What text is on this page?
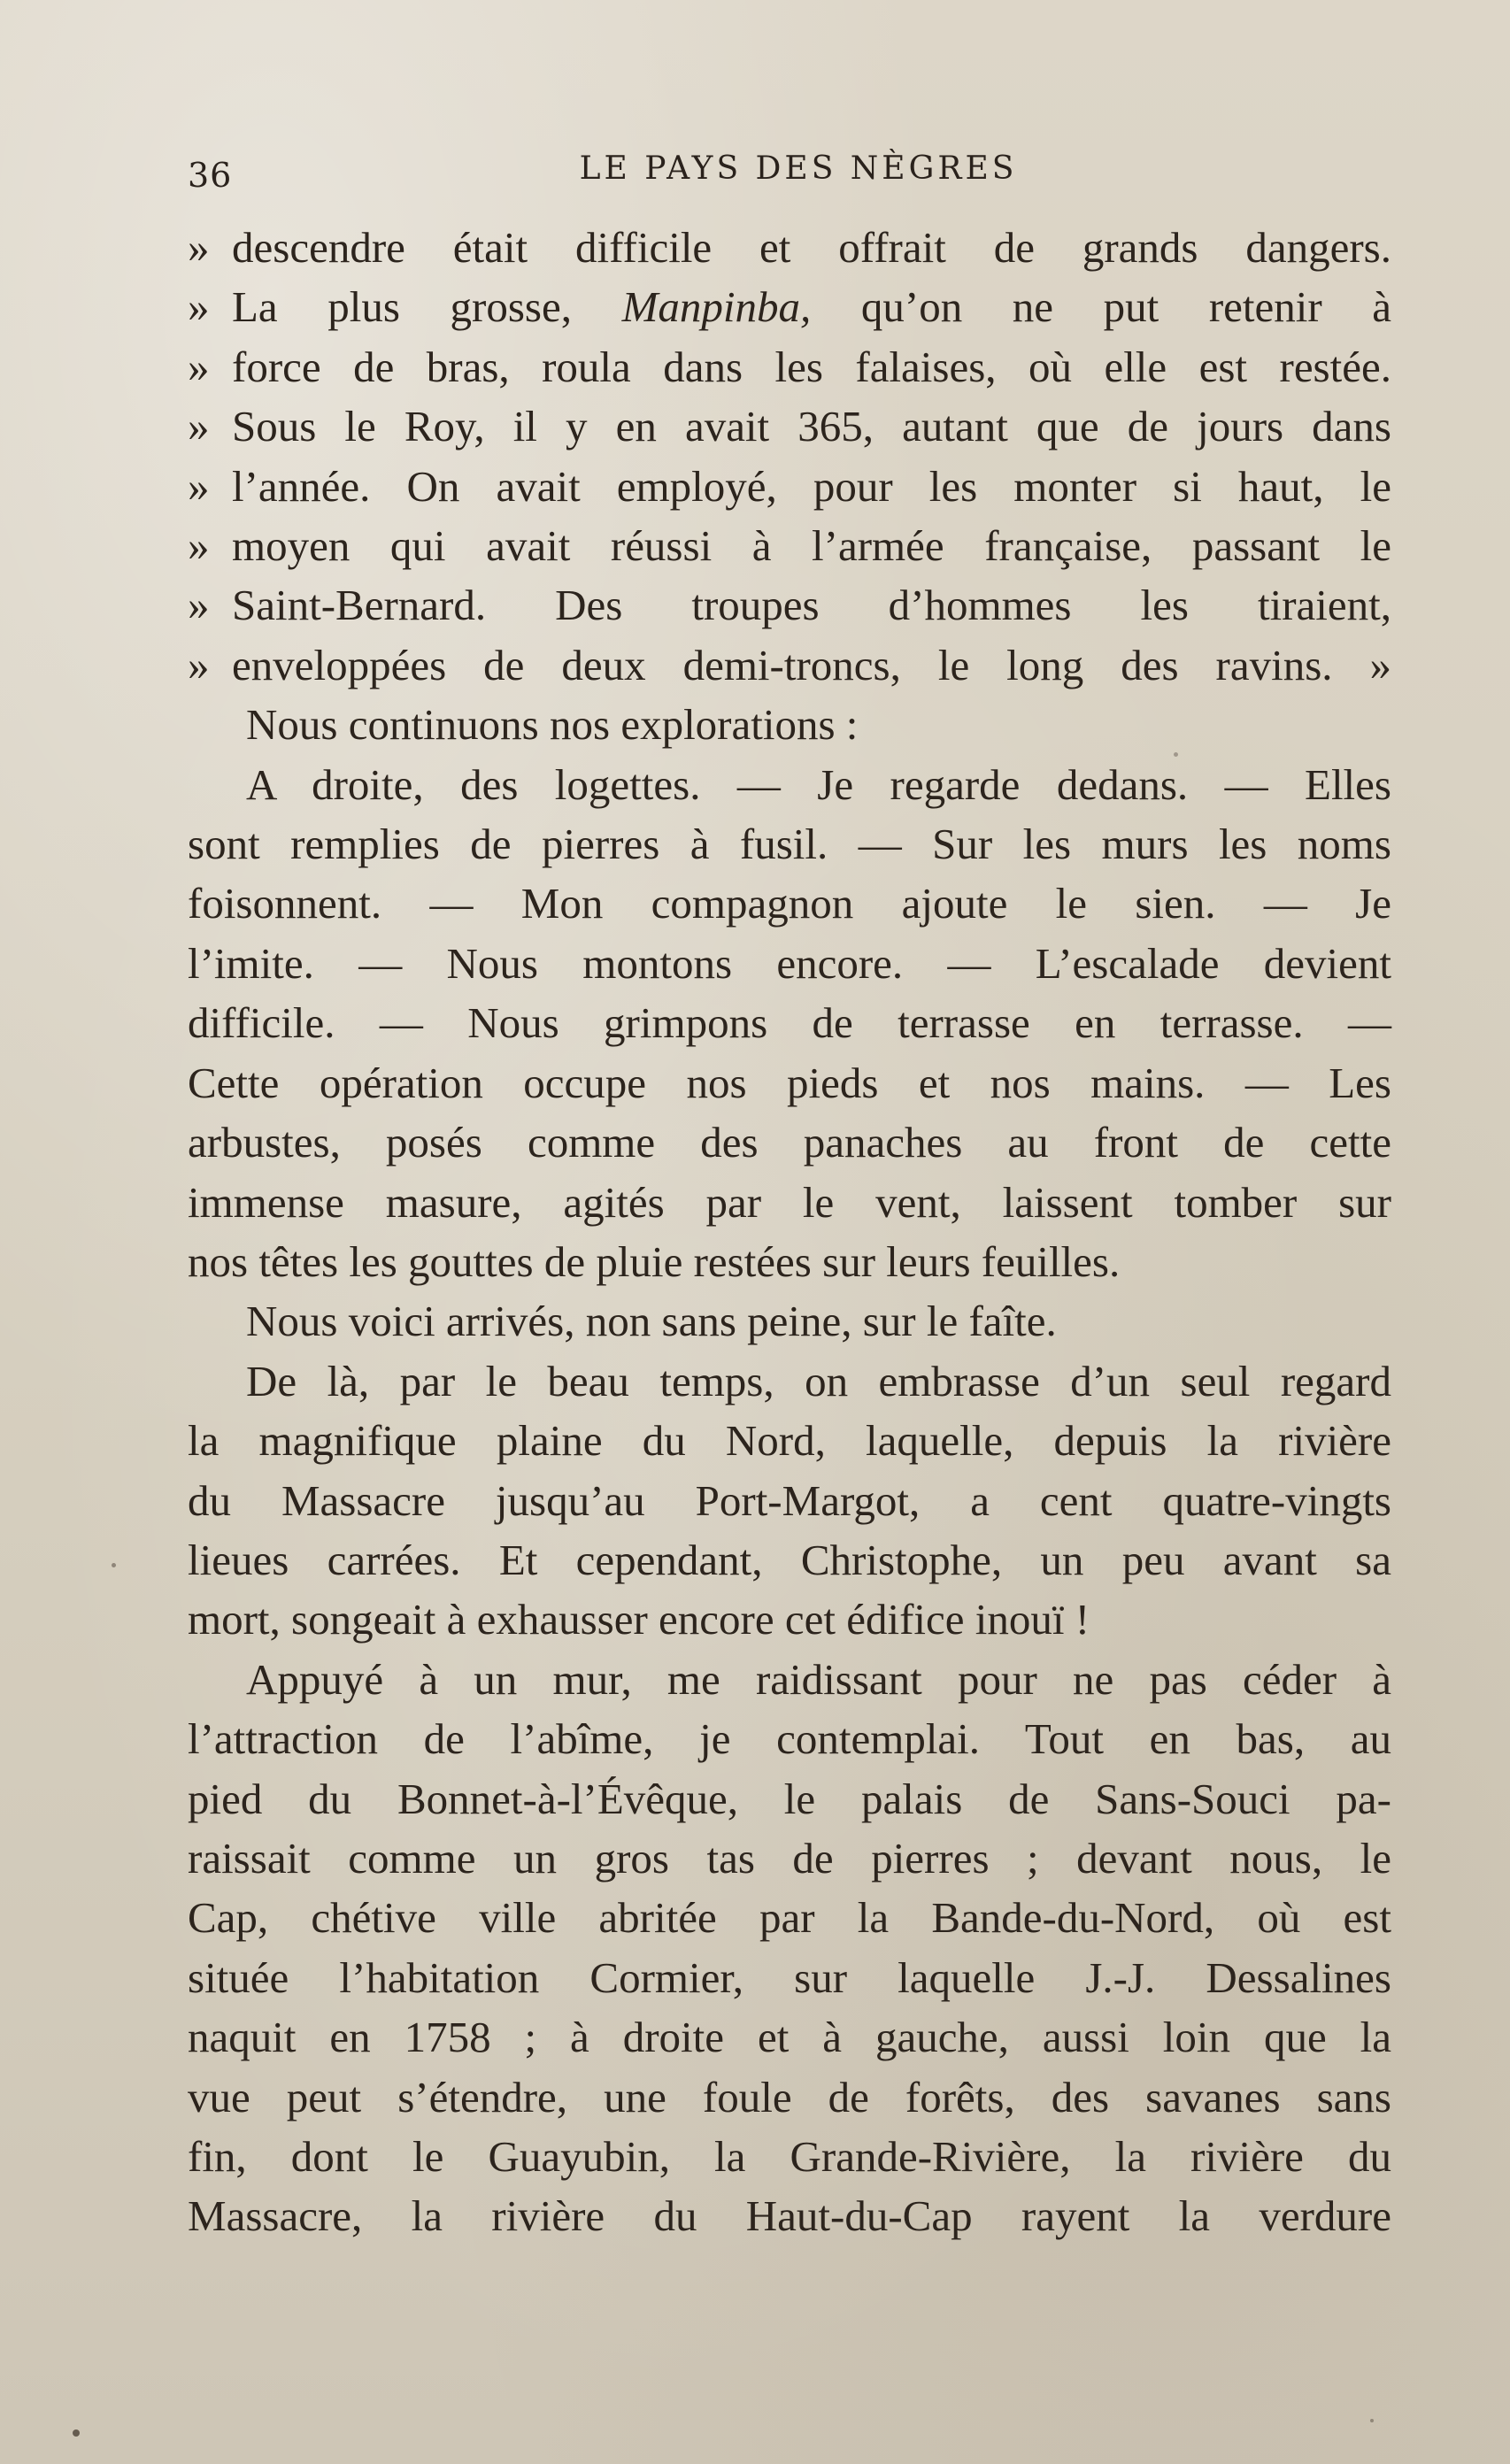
36	LE PAYS DES NÈGRES
» descendre était difficile et offrait de grands dangers.
» La plus grosse, Manpinba, qu’on ne put retenir à
» force de bras, roula dans les falaises, où elle est restée.
» Sous le Roy, il y en avait 365, autant que de jours dans
» l’année. On avait employé, pour les monter si haut, le
» moyen qui avait réussi à l’armée française, passant le
» Saint-Bernard. Des troupes d’hommes les tiraient,
» enveloppées de deux demi-troncs, le long des ravins. »
Nous continuons nos explorations :
A droite, des logettes. — Je regarde dedans. — Elles
sont remplies de pierres à fusil. — Sur les murs les noms
foisonnent. — Mon compagnon ajoute le sien. — Je
l’imite. — Nous montons encore. — L’escalade devient
difficile. — Nous grimpons de terrasse en terrasse. —
Cette opération occupe nos pieds et nos mains. — Les
arbustes, posés comme des panaches au front de cette
immense masure, agités par le vent, laissent tomber sur
nos têtes les gouttes de pluie restées sur leurs feuilles.
Nous voici arrivés, non sans peine, sur le faîte.
De là, par le beau temps, on embrasse d’un seul regard
la magnifique plaine du Nord, laquelle, depuis la rivière
du Massacre jusqu’au Port-Margot, a cent quatre-vingts
lieues carrées. Et cependant, Christophe, un peu avant sa
mort, songeait à exhausser encore cet édifice inouï !
Appuyé à un mur, me raidissant pour ne pas céder à
l’attraction de l’abîme, je contemplai. Tout en bas, au
pied du Bonnet-à-l’Évêque, le palais de Sans-Souci pa-
raissait comme un gros tas de pierres ; devant nous, le
Cap, chétive ville abritée par la Bande-du-Nord, où est
située l’habitation Cormier, sur laquelle J.-J. Dessalines
naquit en 1758 ; à droite et à gauche, aussi loin que la
vue peut s’étendre, une foule de forêts, des savanes sans
fin, dont le Guayubin, la Grande-Rivière, la rivière du
Massacre, la rivière du Haut-du-Cap rayent la verdure
